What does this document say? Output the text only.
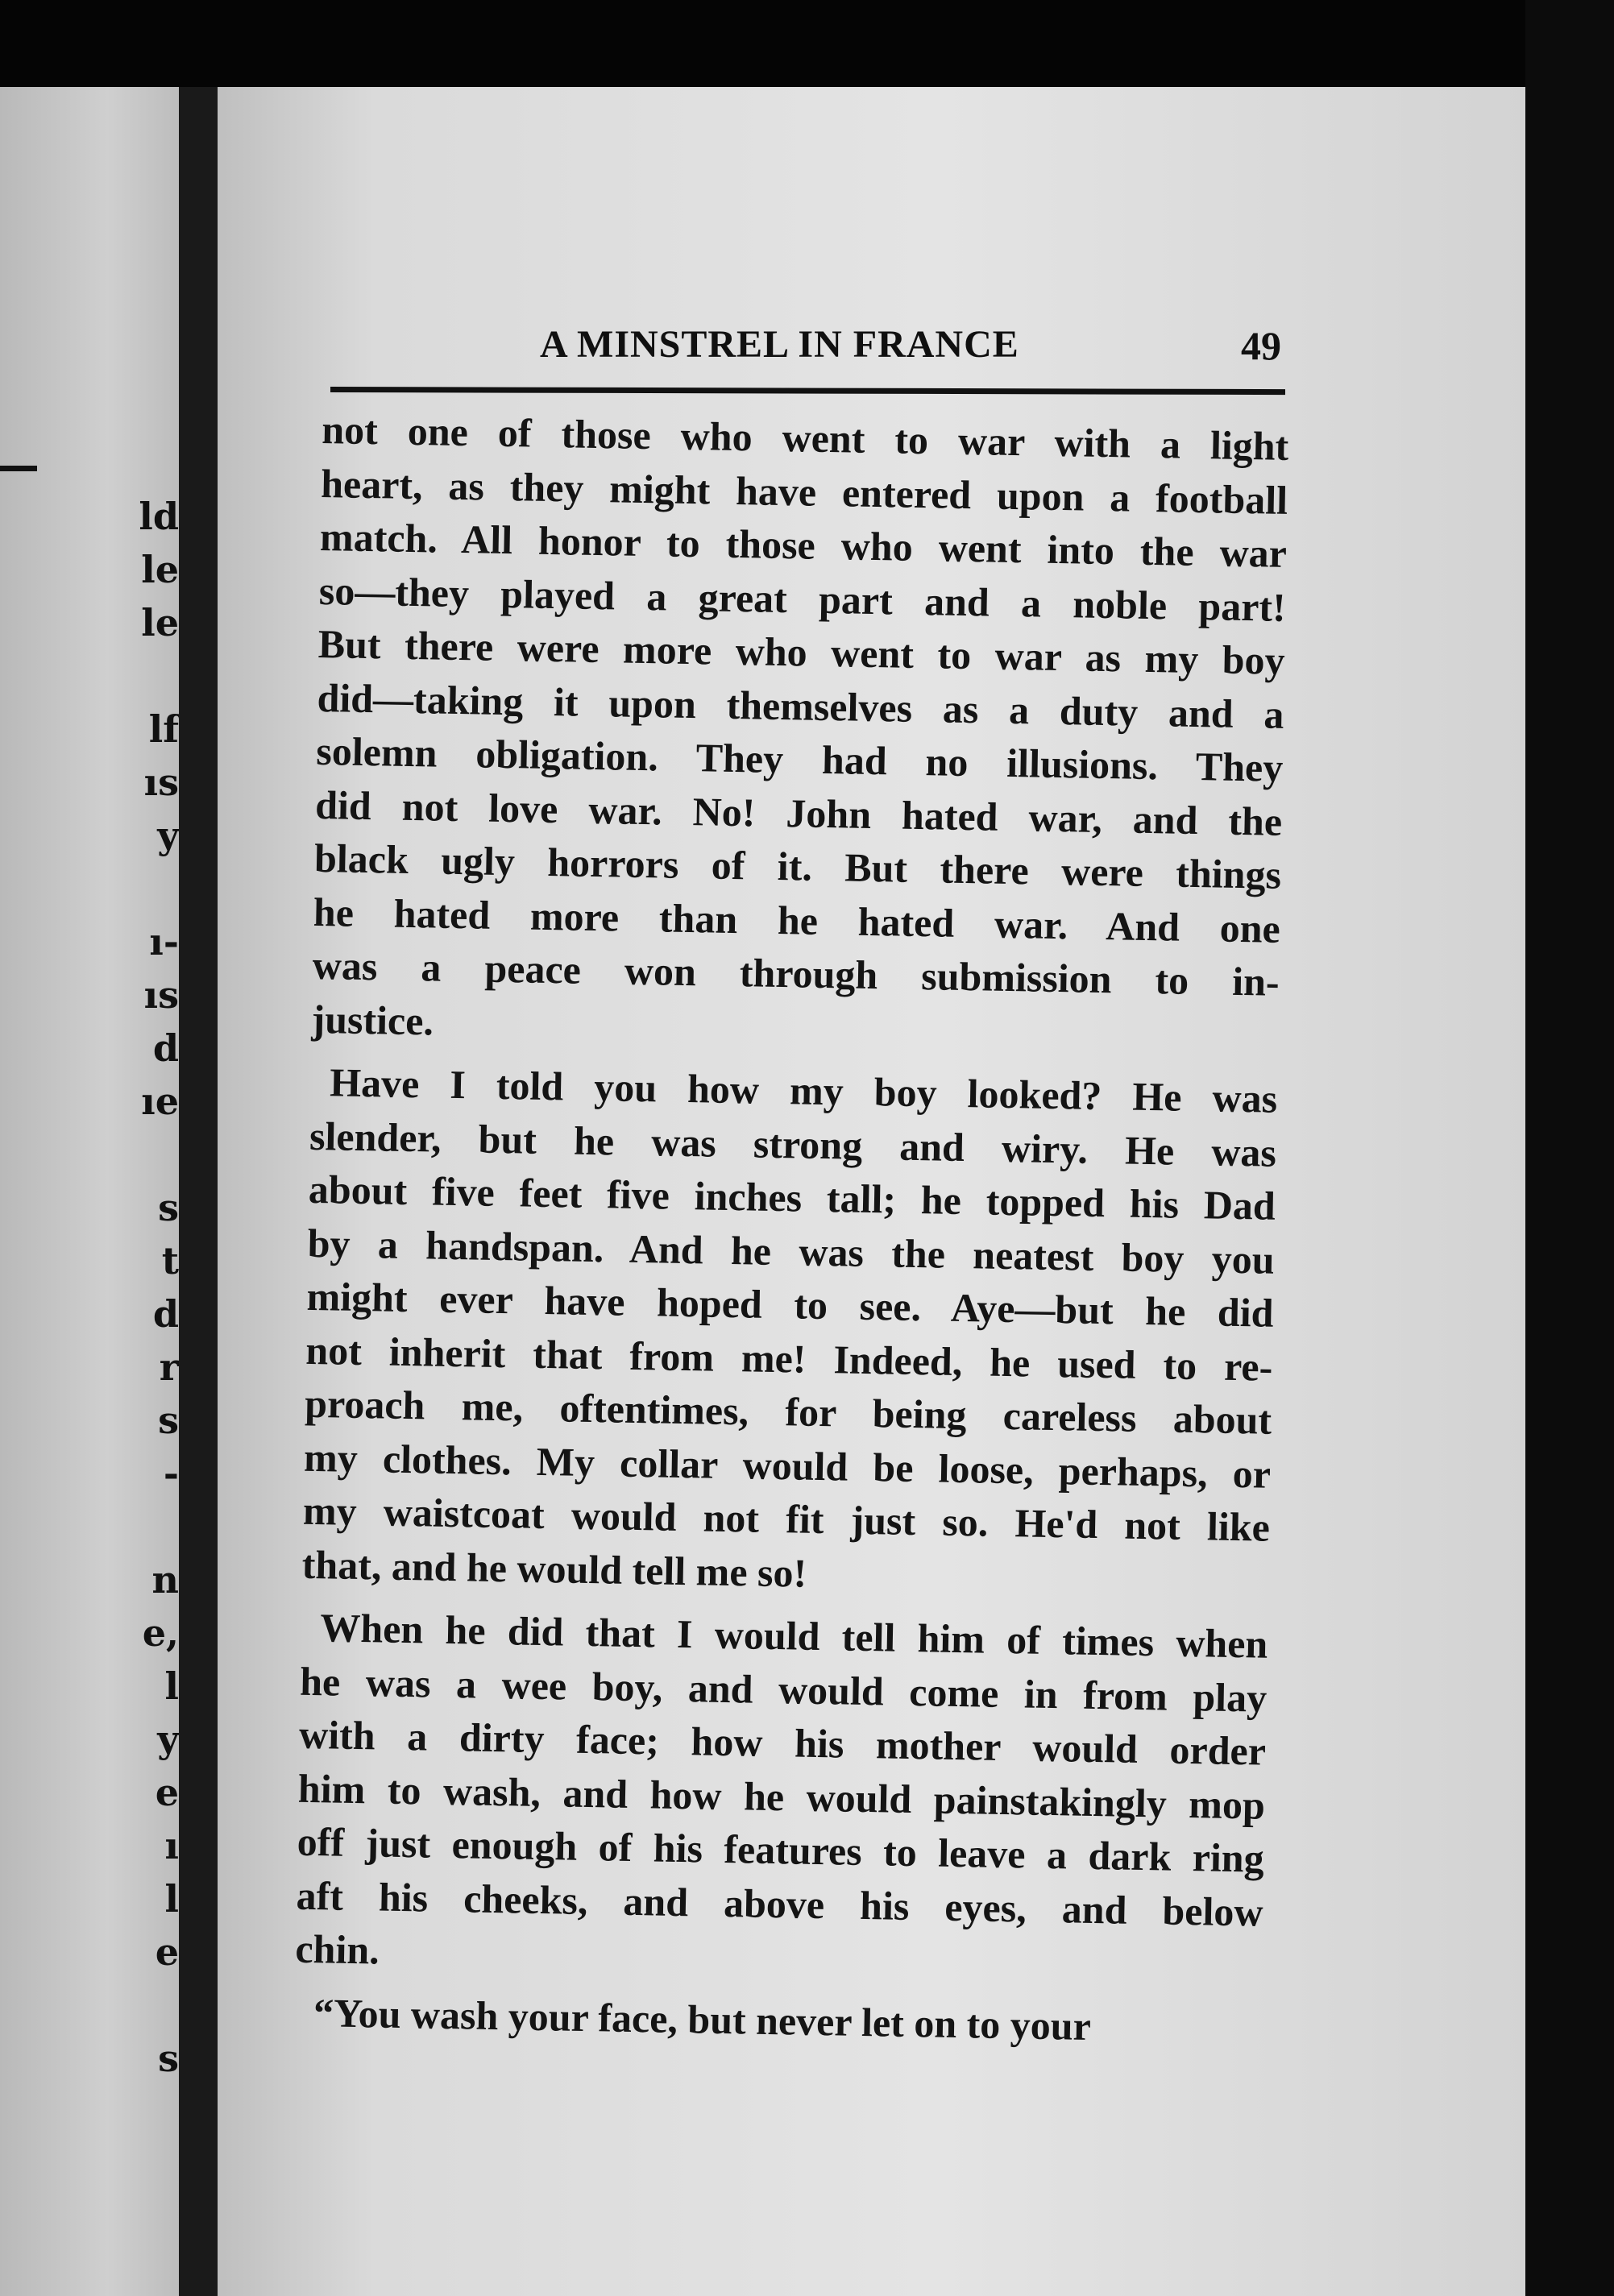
ld
le
le
lf
ıs
y
ı-
ıs
d
ıe
s
t
d
r
s
-
n
e,
l
y
e
ı
l
e
s
A MINSTREL IN FRANCE	49

not one of those who went to war with a light
heart, as they might have entered upon a football
match. All honor to those who went into the war
so—they played a great part and a noble part!
But there were more who went to war as my boy
did—taking it upon themselves as a duty and a
solemn obligation. They had no illusions. They
did not love war. No! John hated war, and the
black ugly horrors of it. But there were things
he hated more than he hated war. And one
was a peace won through submission to in-
justice.

Have I told you how my boy looked? He was
slender, but he was strong and wiry. He was
about five feet five inches tall; he topped his Dad
by a handspan. And he was the neatest boy you
might ever have hoped to see. Aye—but he did
not inherit that from me! Indeed, he used to re-
proach me, oftentimes, for being careless about
my clothes. My collar would be loose, perhaps, or
my waistcoat would not fit just so. He'd not like
that, and he would tell me so!

When he did that I would tell him of times when
he was a wee boy, and would come in from play
with a dirty face; how his mother would order
him to wash, and how he would painstakingly mop
off just enough of his features to leave a dark ring
aft his cheeks, and above his eyes, and below
chin.

“You wash your face, but never let on to your
